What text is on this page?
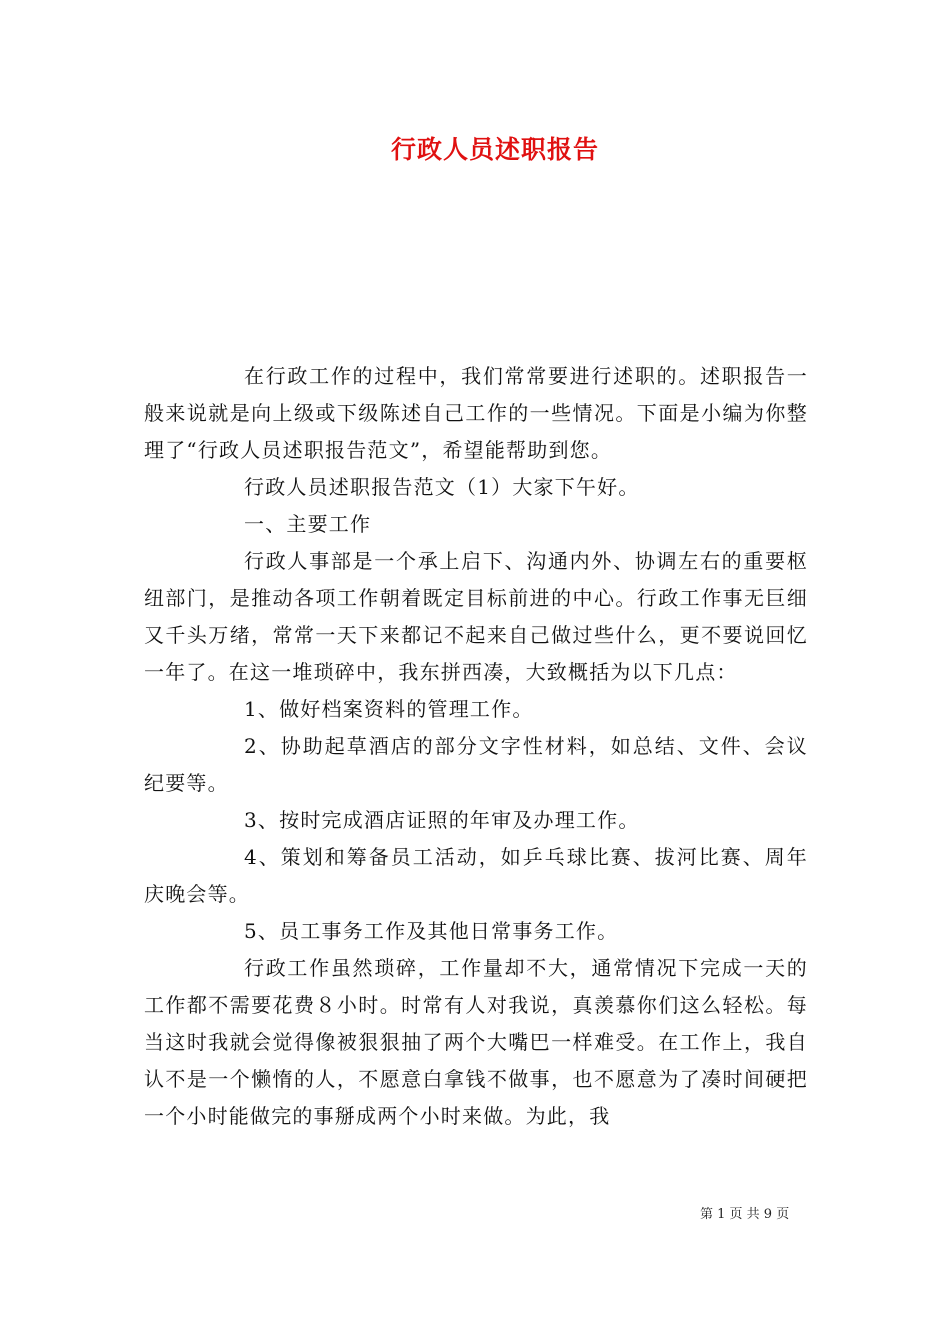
行政人员述职报告

在行政工作的过程中，我们常常要进行述职的。述职报告一般来说就是向上级或下级陈述自己工作的一些情况。下面是小编为你整理了“行政人员述职报告范文”，希望能帮助到您。

行政人员述职报告范文（1）大家下午好。

一、主要工作

行政人事部是一个承上启下、沟通内外、协调左右的重要枢纽部门，是推动各项工作朝着既定目标前进的中心。行政工作事无巨细又千头万绪，常常一天下来都记不起来自己做过些什么，更不要说回忆一年了。在这一堆琐碎中，我东拼西凑，大致概括为以下几点：

1、做好档案资料的管理工作。

2、协助起草酒店的部分文字性材料，如总结、文件、会议纪要等。

3、按时完成酒店证照的年审及办理工作。

4、策划和筹备员工活动，如乒乓球比赛、拔河比赛、周年庆晚会等。

5、员工事务工作及其他日常事务工作。

行政工作虽然琐碎，工作量却不大，通常情况下完成一天的工作都不需要花费８小时。时常有人对我说，真羡慕你们这么轻松。每当这时我就会觉得像被狠狠抽了两个大嘴巴一样难受。在工作上，我自认不是一个懒惰的人，不愿意白拿钱不做事，也不愿意为了凑时间硬把一个小时能做完的事掰成两个小时来做。为此，我

第 1 页 共 9 页
